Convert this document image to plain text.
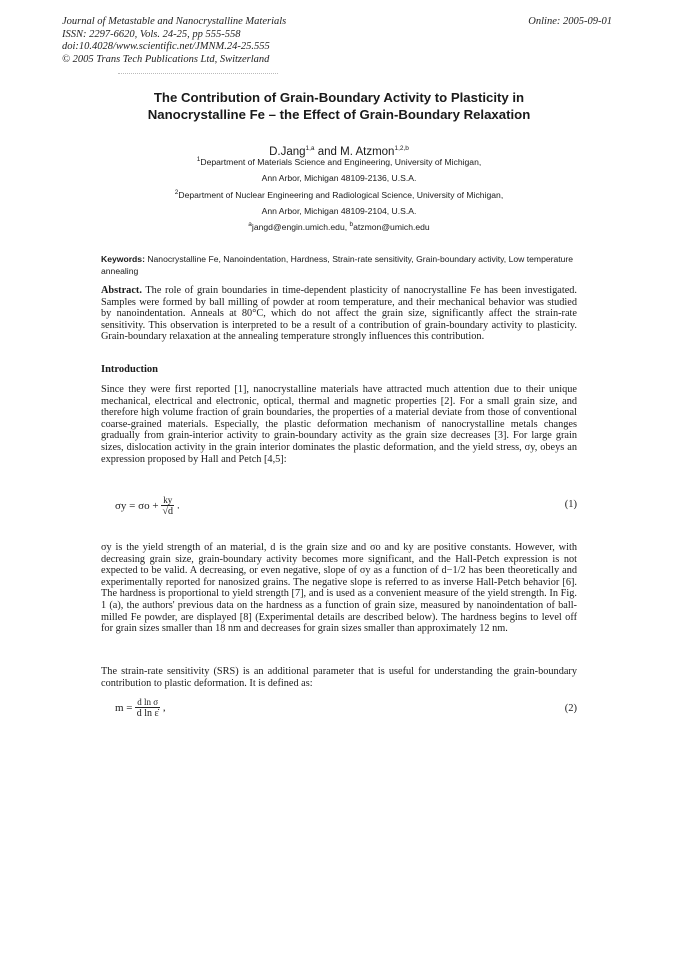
Journal of Metastable and Nanocrystalline Materials
ISSN: 2297-6620, Vols. 24-25, pp 555-558
doi:10.4028/www.scientific.net/JMNM.24-25.555
© 2005 Trans Tech Publications Ltd, Switzerland
Online: 2005-09-01
The Contribution of Grain-Boundary Activity to Plasticity in
Nanocrystalline Fe – the Effect of Grain-Boundary Relaxation
D.Jang$^{1,a}$ and M. Atzmon$^{1,2,b}$
$^1$Department of Materials Science and Engineering, University of Michigan,
Ann Arbor, Michigan 48109-2136, U.S.A.
$^2$Department of Nuclear Engineering and Radiological Science, University of Michigan,
Ann Arbor, Michigan 48109-2104, U.S.A.
$^a$jangd@engin.umich.edu, $^b$atzmon@umich.edu
Keywords: Nanocrystalline Fe, Nanoindentation, Hardness, Strain-rate sensitivity, Grain-boundary activity, Low temperature annealing
Abstract. The role of grain boundaries in time-dependent plasticity of nanocrystalline Fe has been investigated. Samples were formed by ball milling of powder at room temperature, and their mechanical behavior was studied by nanoindentation. Anneals at 80°C, which do not affect the grain size, significantly affect the strain-rate sensitivity. This observation is interpreted to be a result of a contribution of grain-boundary activity to plasticity. Grain-boundary relaxation at the annealing temperature strongly influences this contribution.
Introduction
Since they were first reported [1], nanocrystalline materials have attracted much attention due to their unique mechanical, electrical and electronic, optical, thermal and magnetic properties [2]. For a small grain size, and therefore high volume fraction of grain boundaries, the properties of a material deviate from those of conventional coarse-grained materials. Especially, the plastic deformation mechanism of nanocrystalline metals changes gradually from grain-interior activity to grain-boundary activity as the grain size decreases [3]. For large grain sizes, dislocation activity in the grain interior dominates the plastic deformation, and the yield stress, σy, obeys an expression proposed by Hall and Petch [4,5]:
$\sigma y = \sigma o + \frac{ky}{√d}$ .	(1)
σy is the yield strength of an material, d is the grain size and σo and ky are positive constants. However, with decreasing grain size, grain-boundary activity becomes more significant, and the Hall-Petch expression is not expected to be valid. A decreasing, or even negative, slope of σy as a function of d−1/2 has been theoretically and experimentally reported for nanosized grains. The negative slope is referred to as inverse Hall-Petch behavior [6]. The hardness is proportional to yield strength [7], and is used as a convenient measure of the yield strength. In Fig. 1 (a), the authors' previous data on the hardness as a function of grain size, measured by nanoindentation of ball-milled Fe powder, are displayed [8] (Experimental details are described below). The hardness begins to level off for grain sizes smaller than 18 nm and decreases for grain sizes smaller than approximately 12 nm.
The strain-rate sensitivity (SRS) is an additional parameter that is useful for understanding the grain-boundary contribution to plastic deformation. It is defined as:
$m = \frac{\text{d ln σ}}{\text{d ln ε̇}}$ ,	(2)
